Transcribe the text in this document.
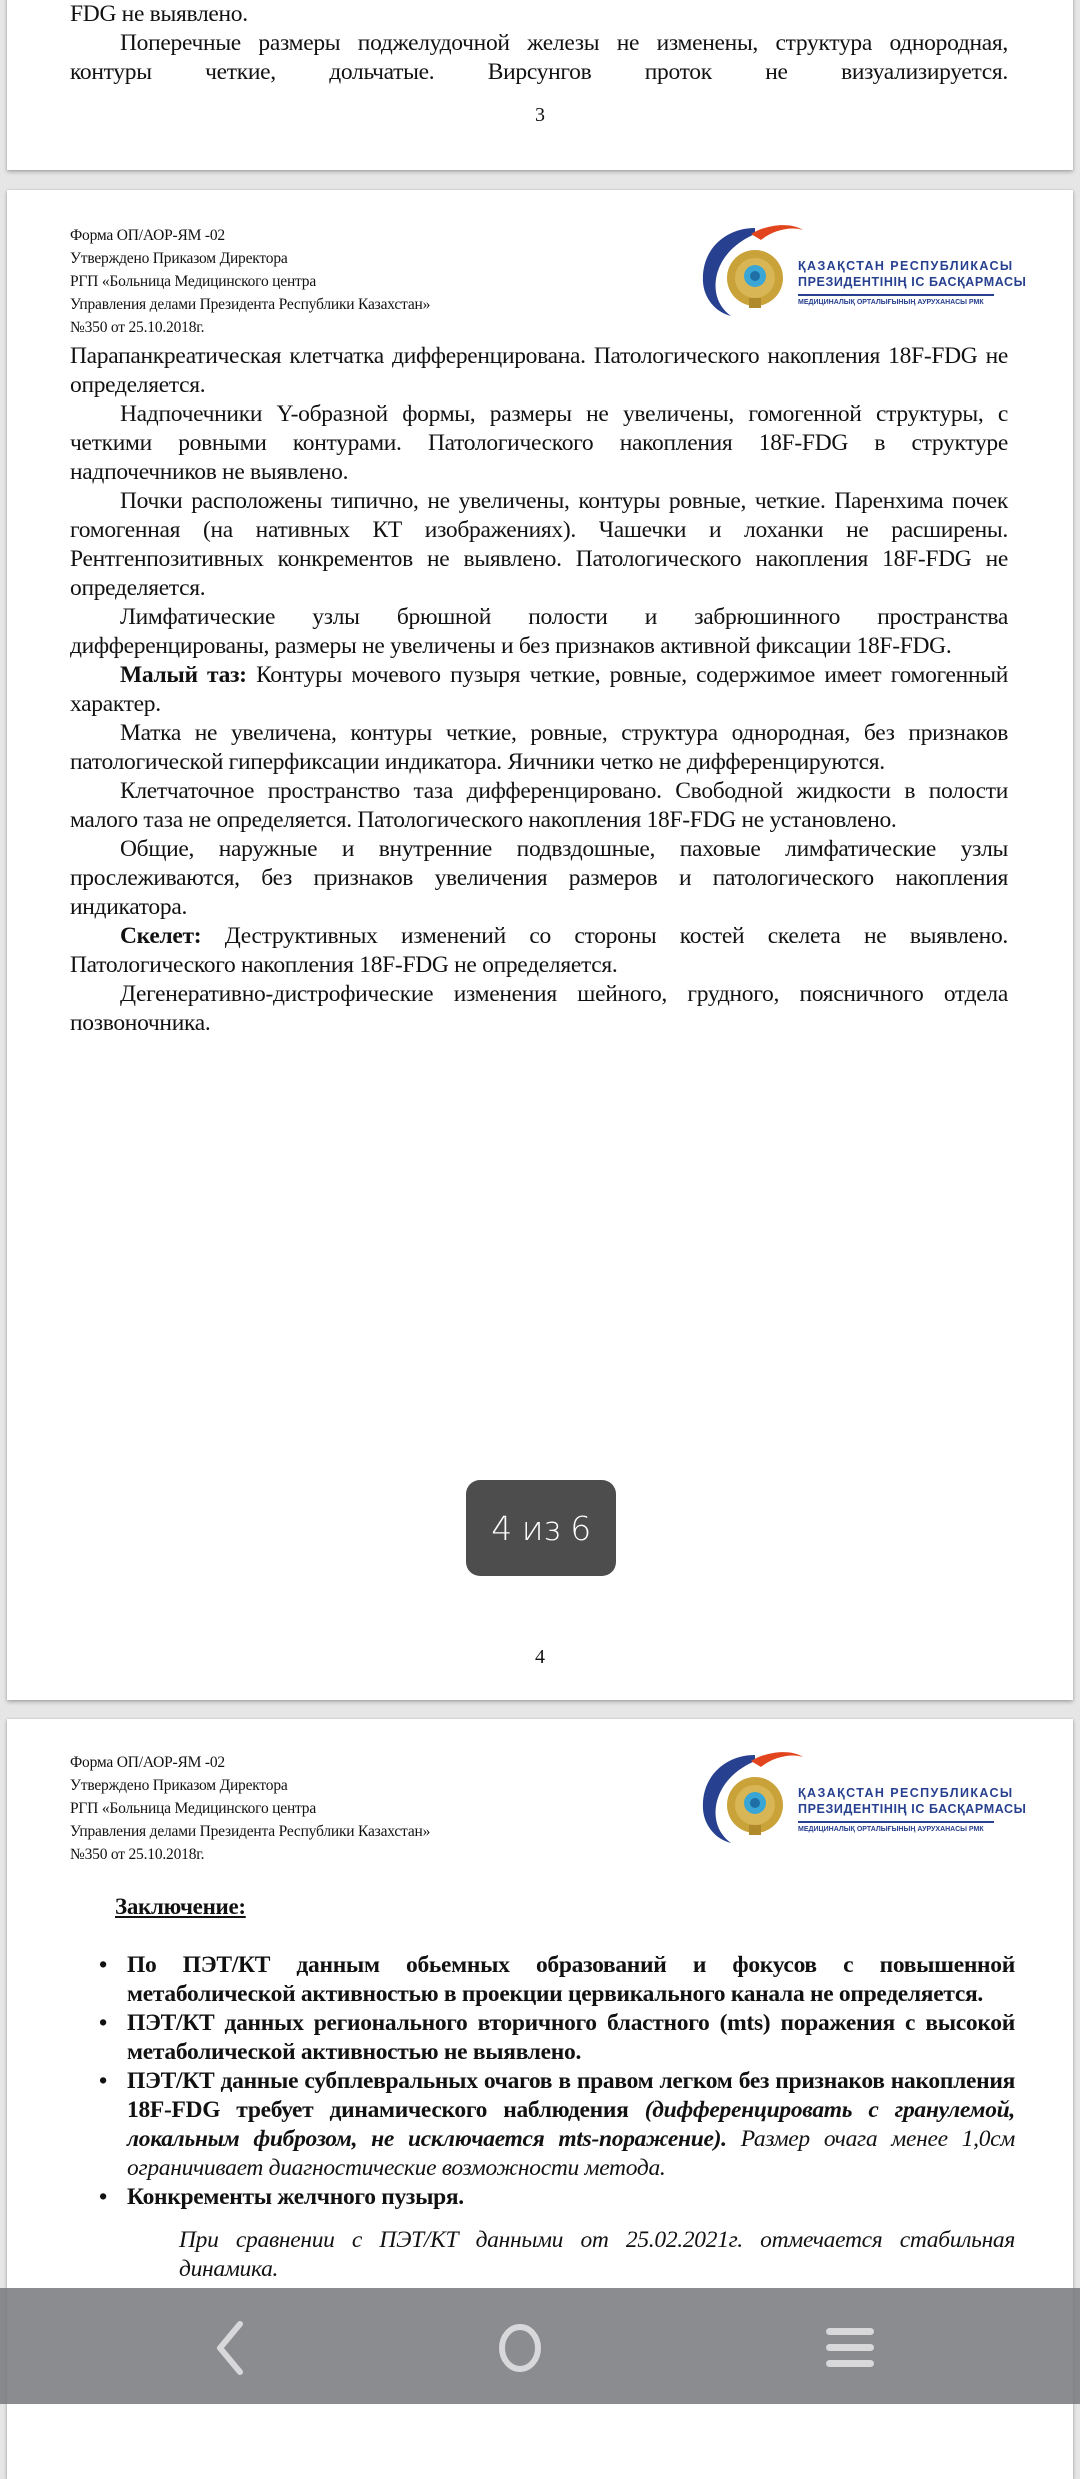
FDG не выявлено.

Поперечные размеры поджелудочной железы не изменены, структура однородная, контуры четкие, дольчатые. Вирсунгов проток не визуализируется.

3
Форма ОП/АОР-ЯМ -02
Утверждено Приказом Директора
РГП «Больница Медицинского центра
Управления делами Президента Республики Казахстан»
№350 от 25.10.2018г.
ҚАЗАҚСТАН РЕСПУБЛИКАСЫ
ПРЕЗИДЕНТІНІҢ ІС БАСҚАРМАСЫ
МЕДИЦИНАЛЫҚ ОРТАЛЫҒЫНЫҢ АУРУХАНАСЫ РМК

Парапанкреатическая клетчатка дифференцирована. Патологического накопления 18F-FDG не определяется.

Надпочечники Y-образной формы, размеры не увеличены, гомогенной структуры, с четкими ровными контурами. Патологического накопления 18F-FDG в структуре надпочечников не выявлено.

Почки расположены типично, не увеличены, контуры ровные, четкие. Паренхима почек гомогенная (на нативных КТ изображениях). Чашечки и лоханки не расширены. Рентгенпозитивных конкрементов не выявлено. Патологического накопления 18F-FDG не определяется.

Лимфатические узлы брюшной полости и забрюшинного пространства дифференцированы, размеры не увеличены и без признаков активной фиксации 18F-FDG.

Малый таз: Контуры мочевого пузыря четкие, ровные, содержимое имеет гомогенный характер.

Матка не увеличена, контуры четкие, ровные, структура однородная, без признаков патологической гиперфиксации индикатора. Яичники четко не дифференцируются.

Клетчаточное пространство таза дифференцировано. Свободной жидкости в полости малого таза не определяется. Патологического накопления 18F-FDG не установлено.

Общие, наружные и внутренние подвздошные, паховые лимфатические узлы прослеживаются, без признаков увеличения размеров и патологического накопления индикатора.

Скелет: Деструктивных изменений со стороны костей скелета не выявлено. Патологического накопления 18F-FDG не определяется.

Дегенеративно-дистрофические изменения шейного, грудного, поясничного отдела позвоночника.

4
Форма ОП/АОР-ЯМ -02
Утверждено Приказом Директора
РГП «Больница Медицинского центра
Управления делами Президента Республики Казахстан»
№350 от 25.10.2018г.
ҚАЗАҚСТАН РЕСПУБЛИКАСЫ
ПРЕЗИДЕНТІНІҢ ІС БАСҚАРМАСЫ
МЕДИЦИНАЛЫҚ ОРТАЛЫҒЫНЫҢ АУРУХАНАСЫ РМК
Заключение:
• По ПЭТ/КТ данным обьемных образований и фокусов с повышенной метаболической активностью в проекции цервикального канала не определяется.
• ПЭТ/КТ данных регионального вторичного бластного (mts) поражения с высокой метаболической активностью не выявлено.
• ПЭТ/КТ данные субплевральных очагов в правом легком без признаков накопления 18F-FDG требует динамического наблюдения (дифференцировать с гранулемой, локальным фиброзом, не исключается mts-поражение). Размер очага менее 1,0см ограничивает диагностические возможности метода.
• Конкременты желчного пузыря.
При сравнении с ПЭТ/КТ данными от 25.02.2021г. отмечается стабильная динамика.
4 из 6
